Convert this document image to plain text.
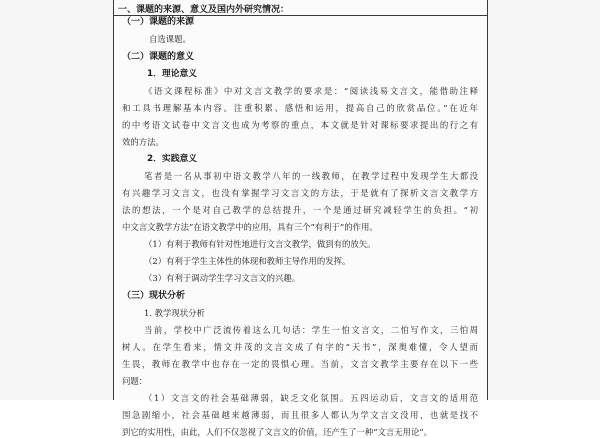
一、课题的来源、意义及国内外研究情况：
（一）课题的来源
自选课题。
（二）课题的意义
1．理论意义
《语文课程标准》中对文言文教学的要求是：“阅读浅易文言文，能借助注释
和工具书理解基本内容。注重积累、感悟和运用，提高自己的欣赏品位。”在近年
的中考语文试卷中文言文也成为考察的重点，本文就是针对课标要求提出的行之有
效的方法。
2．实践意义
笔者是一名从事初中语文教学八年的一线教师，在教学过程中发现学生大都没
有兴趣学习文言文，也没有掌握学习文言文的方法，于是就有了探析文言文教学方
法的想法，一个是对自己教学的总结提升，一个是通过研究减轻学生的负担。“初
中文言文教学方法”在语文教学中的应用，具有三个“有利于”的作用。
（1）有利于教师有针对性地进行文言文教学，做到有的放矢。
（2）有利于学生主体性的体现和教师主导作用的发挥。
（3）有利于调动学生学习文言文的兴趣。
（三）现状分析
1. 教学现状分析
当前，学校中广泛流传着这么几句话：学生一怕文言文，二怕写作文，三怕周
树人。在学生看来，情文并茂的文言文成了有字的“天书”，深奥难懂，令人望而
生畏，教师在教学中也存在一定的畏惧心理。当前，文言文教学主要存在以下一些
问题：
（1）文言文的社会基础薄弱，缺乏文化氛围。五四运动后，文言文的适用范
围急剧缩小，社会基础越来越薄弱，而且很多人都认为学文言文没用，也就是找不
到它的实用性，由此，人们不仅忽视了文言文的价值，还产生了一种“文言无用论”。
